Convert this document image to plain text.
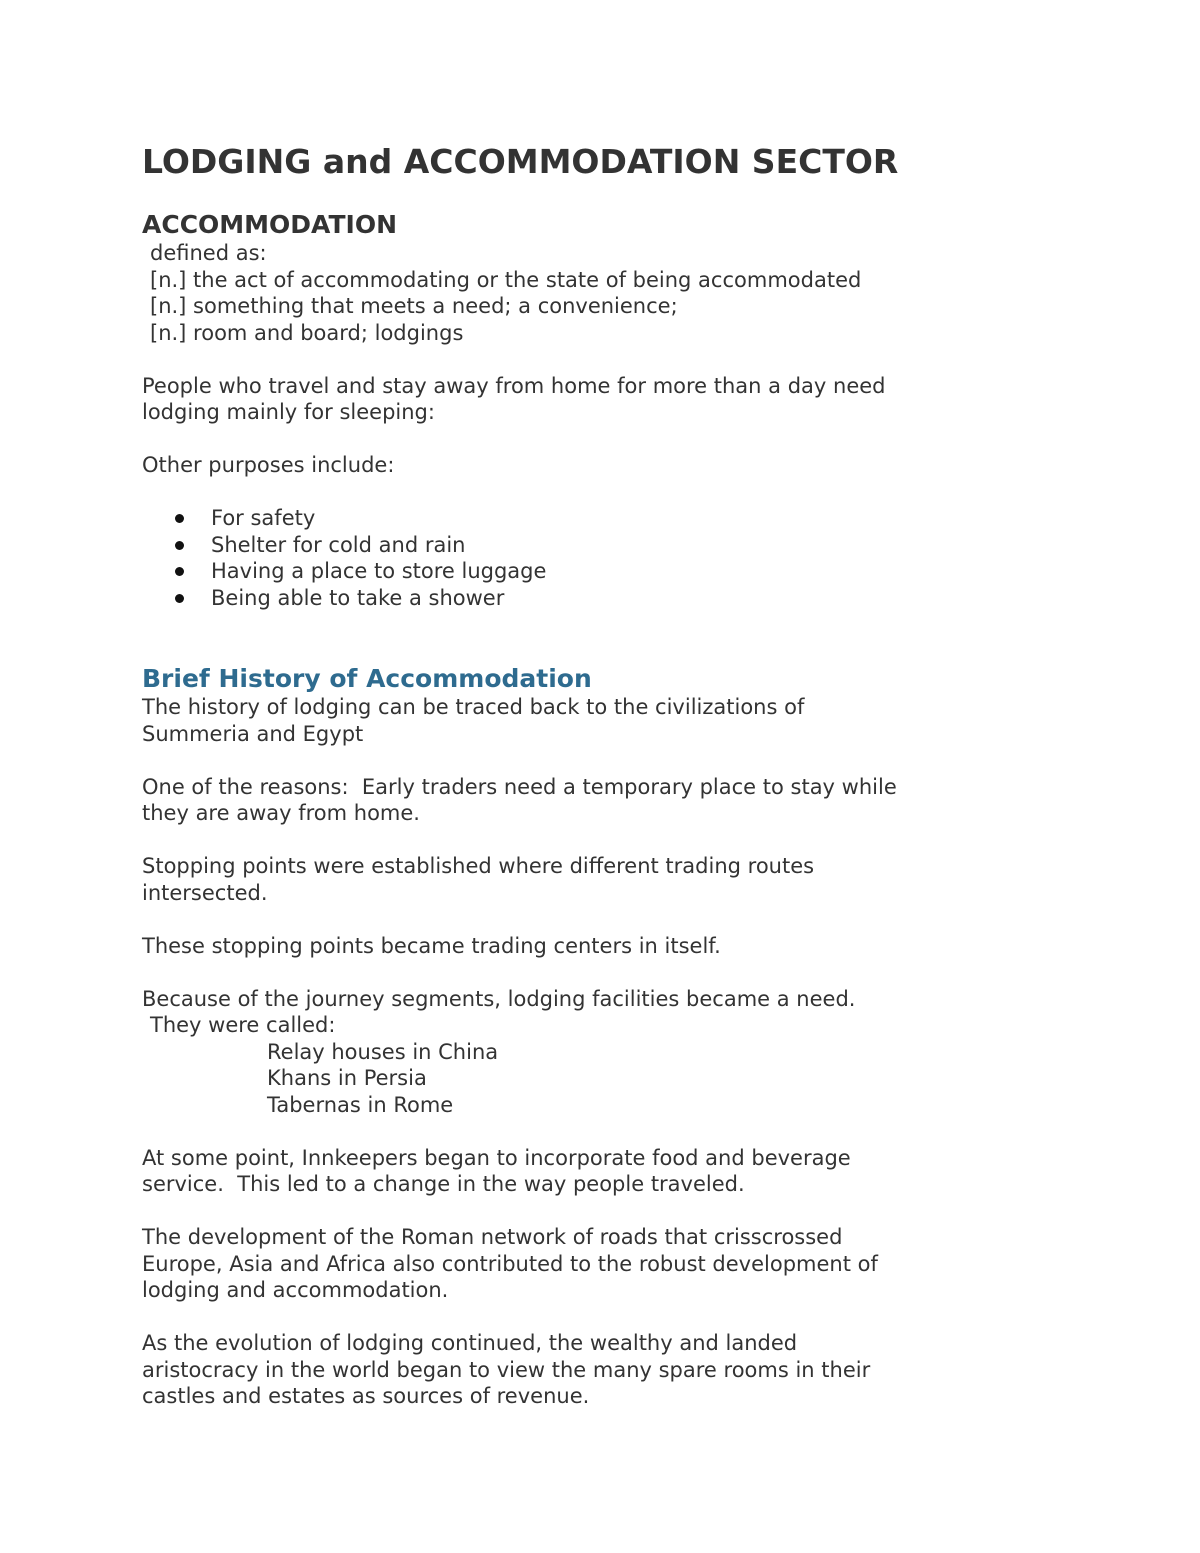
LODGING and ACCOMMODATION SECTOR
ACCOMMODATION

defined as:

[n.] the act of accommodating or the state of being accommodated

[n.] something that meets a need; a convenience;

[n.] room and board; lodgings

People who travel and stay away from home for more than a day need

lodging mainly for sleeping:

Other purposes include:

For safety
Shelter for cold and rain
Having a place to store luggage
Being able to take a shower
Brief History of Accommodation

The history of lodging can be traced back to the civilizations of

Summeria and Egypt

One of the reasons:  Early traders need a temporary place to stay while

they are away from home.

Stopping points were established where different trading routes

intersected.

These stopping points became trading centers in itself.

Because of the journey segments, lodging facilities became a need.

They were called:

Relay houses in China

Khans in Persia

Tabernas in Rome

At some point, Innkeepers began to incorporate food and beverage

service.  This led to a change in the way people traveled.

The development of the Roman network of roads that crisscrossed

Europe, Asia and Africa also contributed to the robust development of

lodging and accommodation.

As the evolution of lodging continued, the wealthy and landed

aristocracy in the world began to view the many spare rooms in their

castles and estates as sources of revenue.
